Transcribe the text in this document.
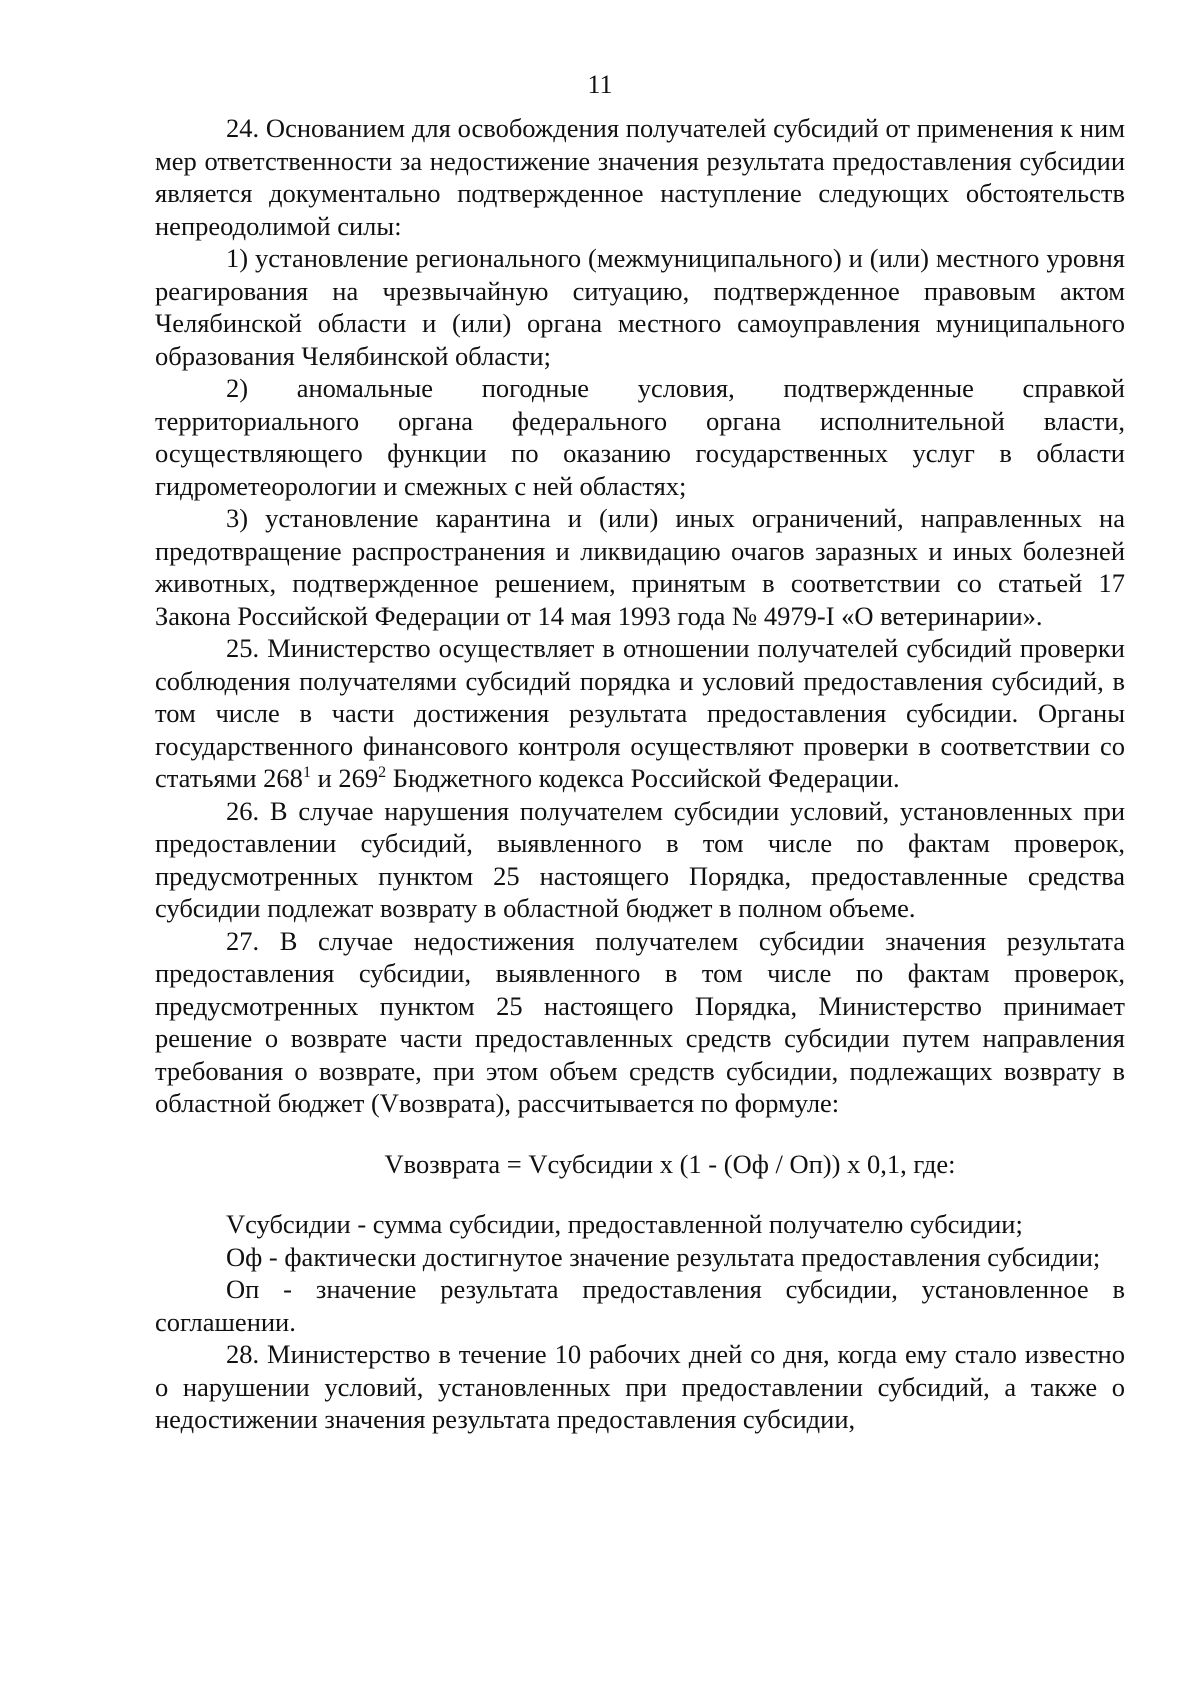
11

24. Основанием для освобождения получателей субсидий от применения к ним мер ответственности за недостижение значения результата предоставления субсидии является документально подтвержденное наступление следующих обстоятельств непреодолимой силы:

1) установление регионального (межмуниципального) и (или) местного уровня реагирования на чрезвычайную ситуацию, подтвержденное правовым актом Челябинской области и (или) органа местного самоуправления муниципального образования Челябинской области;

2) аномальные погодные условия, подтвержденные справкой территориального органа федерального органа исполнительной власти, осуществляющего функции по оказанию государственных услуг в области гидрометеорологии и смежных с ней областях;

3) установление карантина и (или) иных ограничений, направленных на предотвращение распространения и ликвидацию очагов заразных и иных болезней животных, подтвержденное решением, принятым в соответствии со статьей 17 Закона Российской Федерации от 14 мая 1993 года № 4979-I «О ветеринарии».

25. Министерство осуществляет в отношении получателей субсидий проверки соблюдения получателями субсидий порядка и условий предоставления субсидий, в том числе в части достижения результата предоставления субсидии. Органы государственного финансового контроля осуществляют проверки в соответствии со статьями $268^1$ и $269^2$ Бюджетного кодекса Российской Федерации.

26. В случае нарушения получателем субсидии условий, установленных при предоставлении субсидий, выявленного в том числе по фактам проверок, предусмотренных пунктом 25 настоящего Порядка, предоставленные средства субсидии подлежат возврату в областной бюджет в полном объеме.

27. В случае недостижения получателем субсидии значения результата предоставления субсидии, выявленного в том числе по фактам проверок, предусмотренных пунктом 25 настоящего Порядка, Министерство принимает решение о возврате части предоставленных средств субсидии путем направления требования о возврате, при этом объем средств субсидии, подлежащих возврату в областной бюджет (Vвозврата), рассчитывается по формуле:

Vвозврата = Vсубсидии x (1 - (Оф / Оп)) x 0,1, где:

Vсубсидии - сумма субсидии, предоставленной получателю субсидии;

Оф - фактически достигнутое значение результата предоставления субсидии;

Оп - значение результата предоставления субсидии, установленное в соглашении.

28. Министерство в течение 10 рабочих дней со дня, когда ему стало известно о нарушении условий, установленных при предоставлении субсидий, а также о недостижении значения результата предоставления субсидии,
